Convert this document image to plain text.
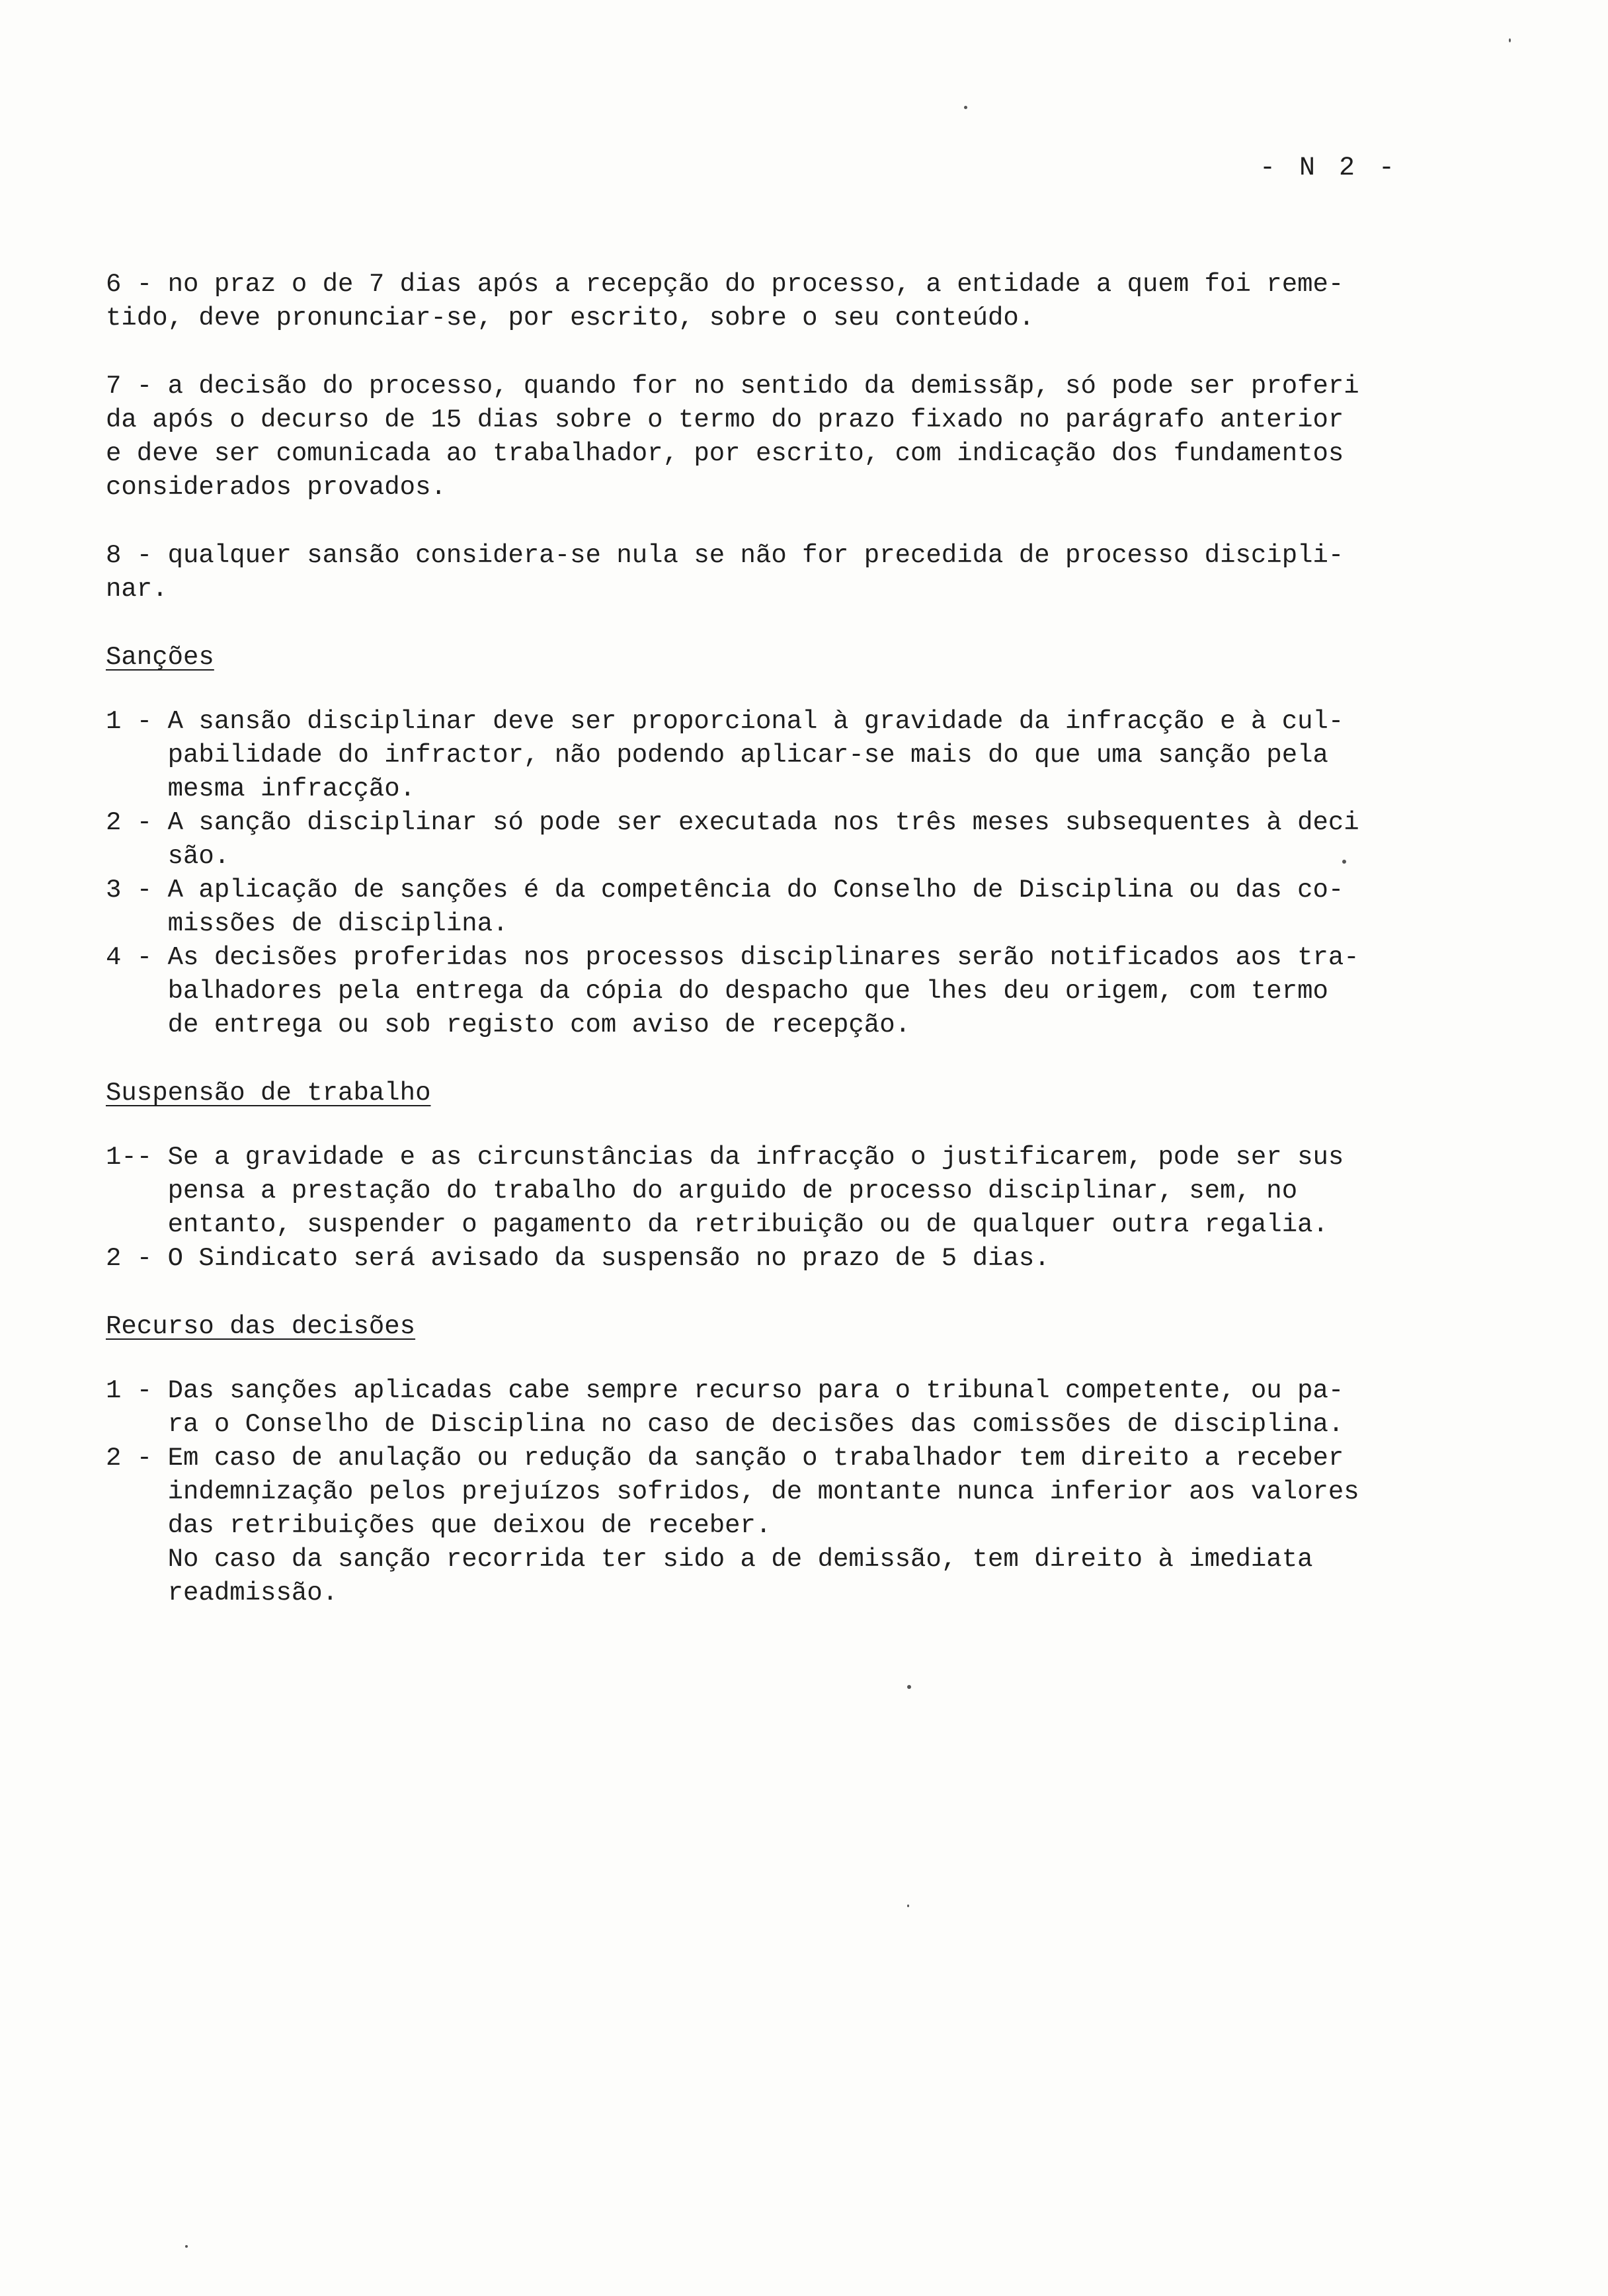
- N 2 -

6 - no praz o de 7 dias após a recepção do processo, a entidade a quem foi reme-

tido, deve pronunciar-se, por escrito, sobre o seu conteúdo.

7 - a decisão do processo, quando for no sentido da demissãp, só pode ser proferi

da após o decurso de 15 dias sobre o termo do prazo fixado no parágrafo anterior

e deve ser comunicada ao trabalhador, por escrito, com indicação dos fundamentos

considerados provados.

8 - qualquer sansão considera-se nula se não for precedida de processo discipli-

nar.

Sanções

1 - A sansão disciplinar deve ser proporcional à gravidade da infracção e à cul-

pabilidade do infractor, não podendo aplicar-se mais do que uma sanção pela

mesma infracção.

2 - A sanção disciplinar só pode ser executada nos três meses subsequentes à deci

são.

3 - A aplicação de sanções é da competência do Conselho de Disciplina ou das co-

missões de disciplina.

4 - As decisões proferidas nos processos disciplinares serão notificados aos tra-

balhadores pela entrega da cópia do despacho que lhes deu origem, com termo

de entrega ou sob registo com aviso de recepção.

Suspensão de trabalho

1-- Se a gravidade e as circunstâncias da infracção o justificarem, pode ser sus

pensa a prestação do trabalho do arguido de processo disciplinar, sem, no

entanto, suspender o pagamento da retribuição ou de qualquer outra regalia.

2 - O Sindicato será avisado da suspensão no prazo de 5 dias.

Recurso das decisões

1 - Das sanções aplicadas cabe sempre recurso para o tribunal competente, ou pa-

ra o Conselho de Disciplina no caso de decisões das comissões de disciplina.

2 - Em caso de anulação ou redução da sanção o trabalhador tem direito a receber

indemnização pelos prejuízos sofridos, de montante nunca inferior aos valores

das retribuições que deixou de receber.

No caso da sanção recorrida ter sido a de demissão, tem direito à imediata

readmissão.
